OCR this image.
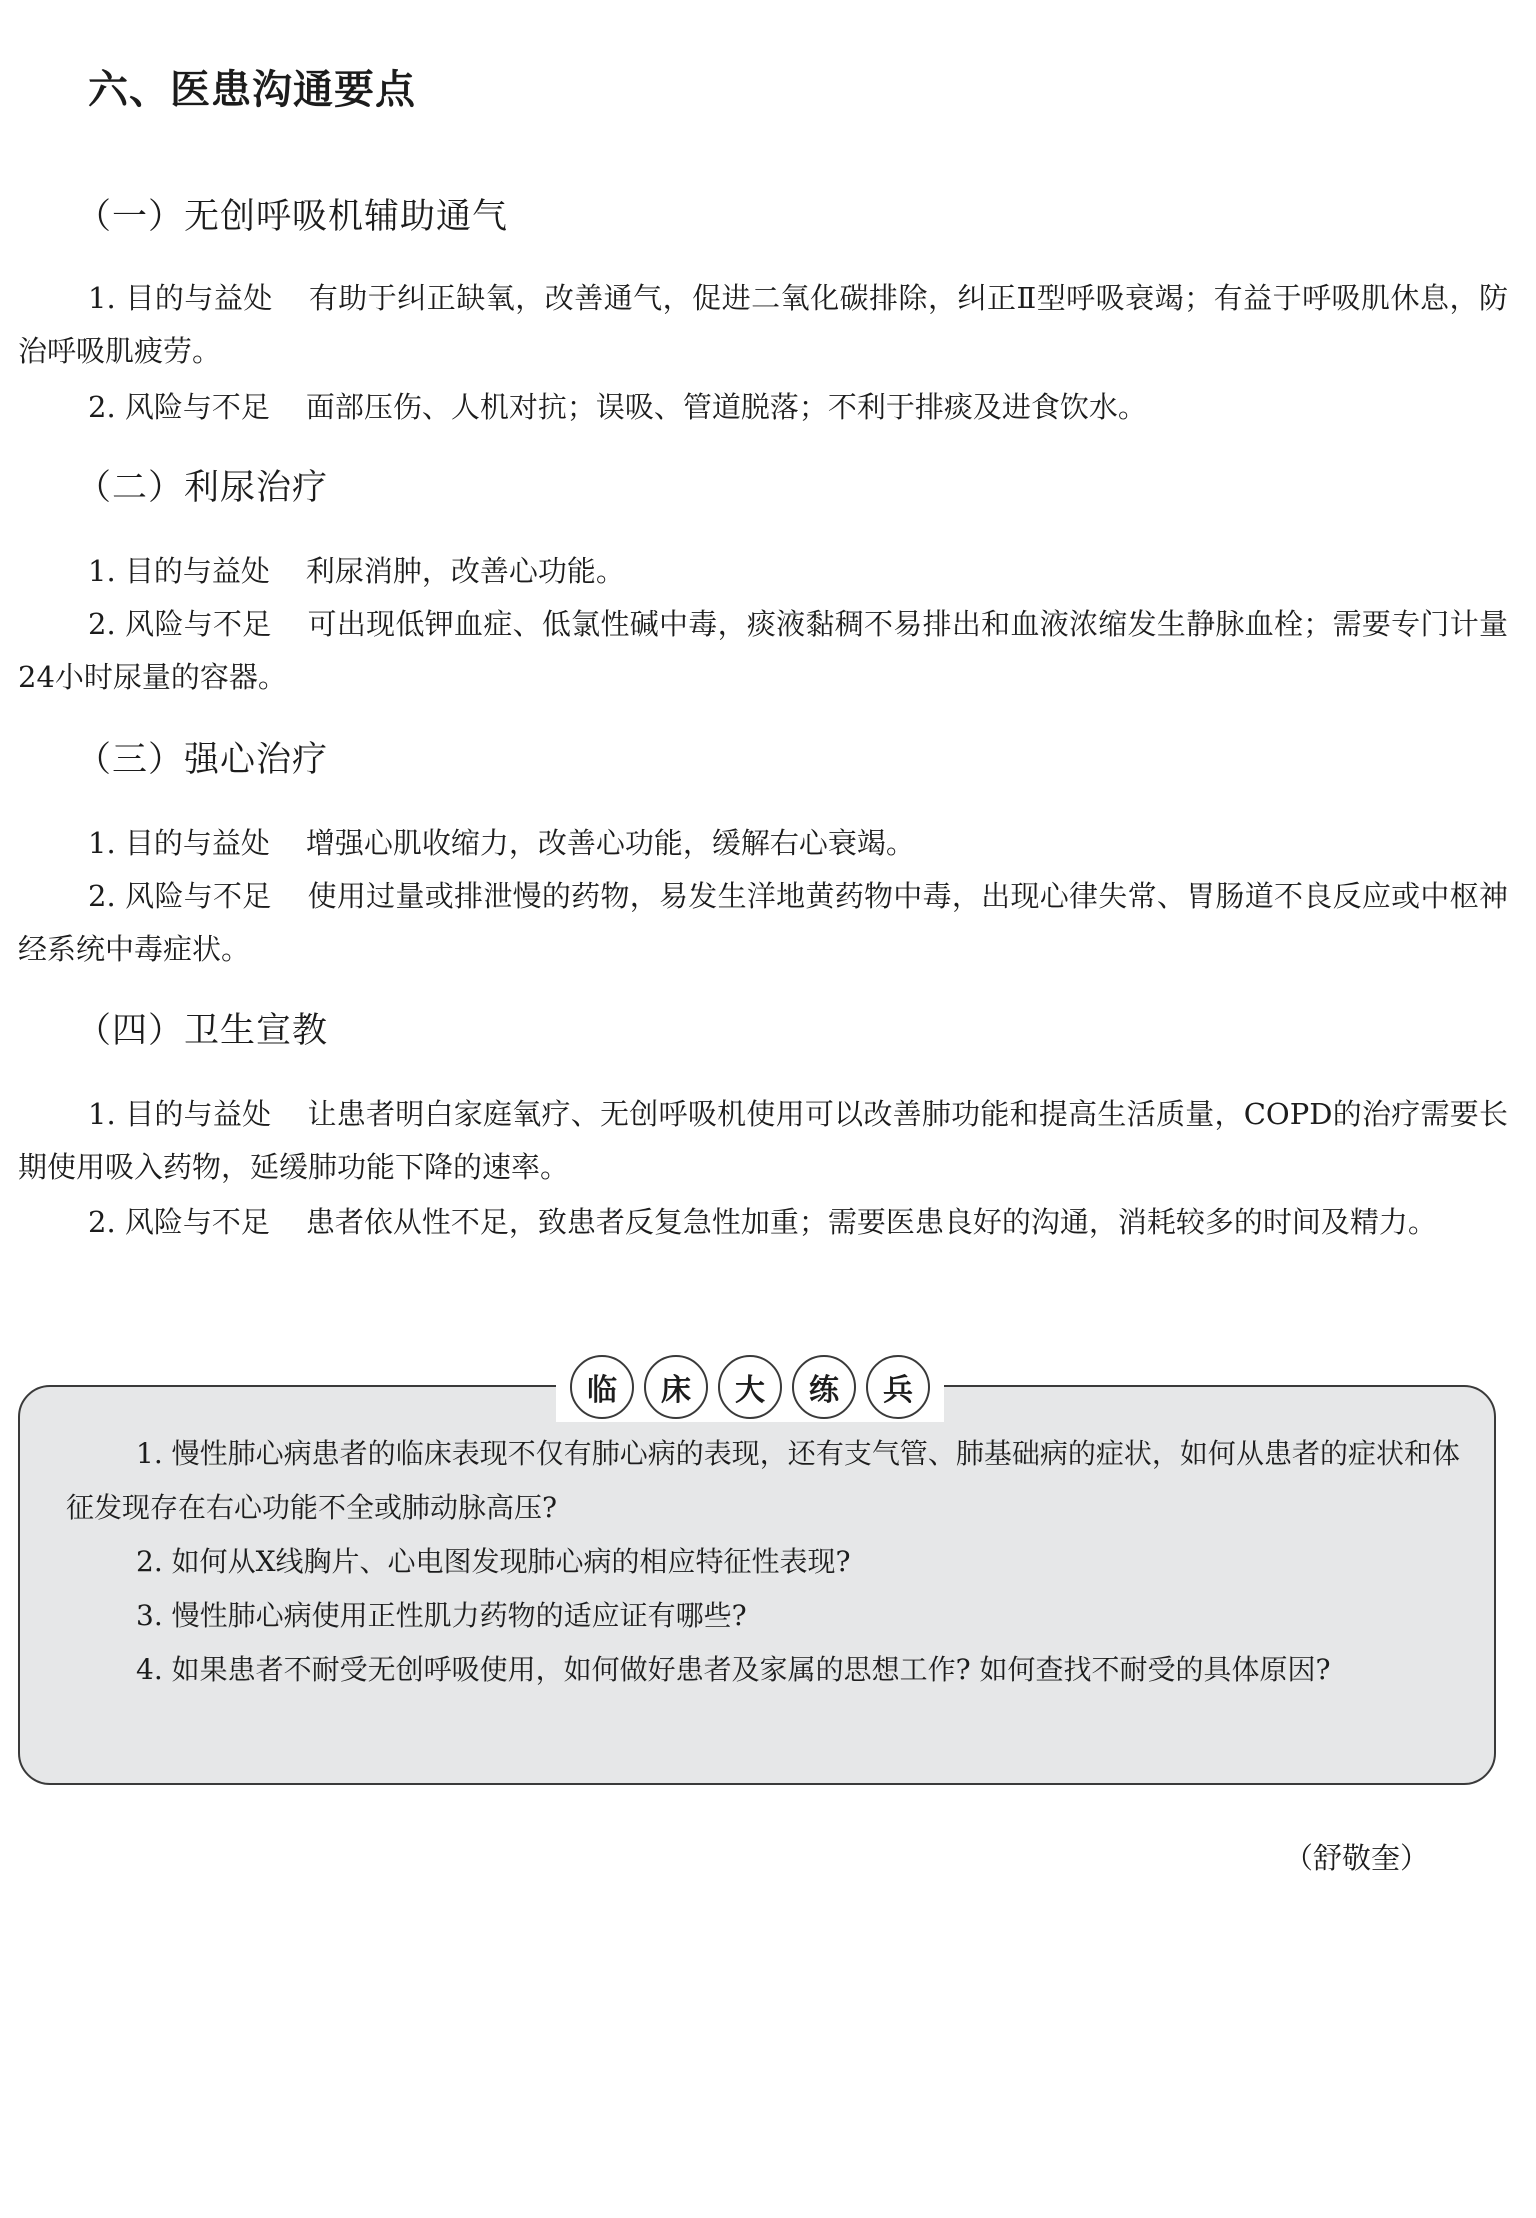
六、医患沟通要点
（一）无创呼吸机辅助通气

1. 目的与益处 有助于纠正缺氧，改善通气，促进二氧化碳排除，纠正Ⅱ型呼吸衰竭；有益于呼吸肌休息，防治呼吸肌疲劳。

2. 风险与不足 面部压伤、人机对抗；误吸、管道脱落；不利于排痰及进食饮水。

（二）利尿治疗

1. 目的与益处 利尿消肿，改善心功能。

2. 风险与不足 可出现低钾血症、低氯性碱中毒，痰液黏稠不易排出和血液浓缩发生静脉血栓；需要专门计量24小时尿量的容器。

（三）强心治疗

1. 目的与益处 增强心肌收缩力，改善心功能，缓解右心衰竭。

2. 风险与不足 使用过量或排泄慢的药物，易发生洋地黄药物中毒，出现心律失常、胃肠道不良反应或中枢神经系统中毒症状。

（四）卫生宣教

1. 目的与益处 让患者明白家庭氧疗、无创呼吸机使用可以改善肺功能和提高生活质量，COPD的治疗需要长期使用吸入药物，延缓肺功能下降的速率。

2. 风险与不足 患者依从性不足，致患者反复急性加重；需要医患良好的沟通，消耗较多的时间及精力。

临	床	大	练	兵

1. 慢性肺心病患者的临床表现不仅有肺心病的表现，还有支气管、肺基础病的症状，如何从患者的症状和体征发现存在右心功能不全或肺动脉高压?

2. 如何从X线胸片、心电图发现肺心病的相应特征性表现?

3. 慢性肺心病使用正性肌力药物的适应证有哪些?

4. 如果患者不耐受无创呼吸使用，如何做好患者及家属的思想工作? 如何查找不耐受的具体原因?

（舒敬奎）
